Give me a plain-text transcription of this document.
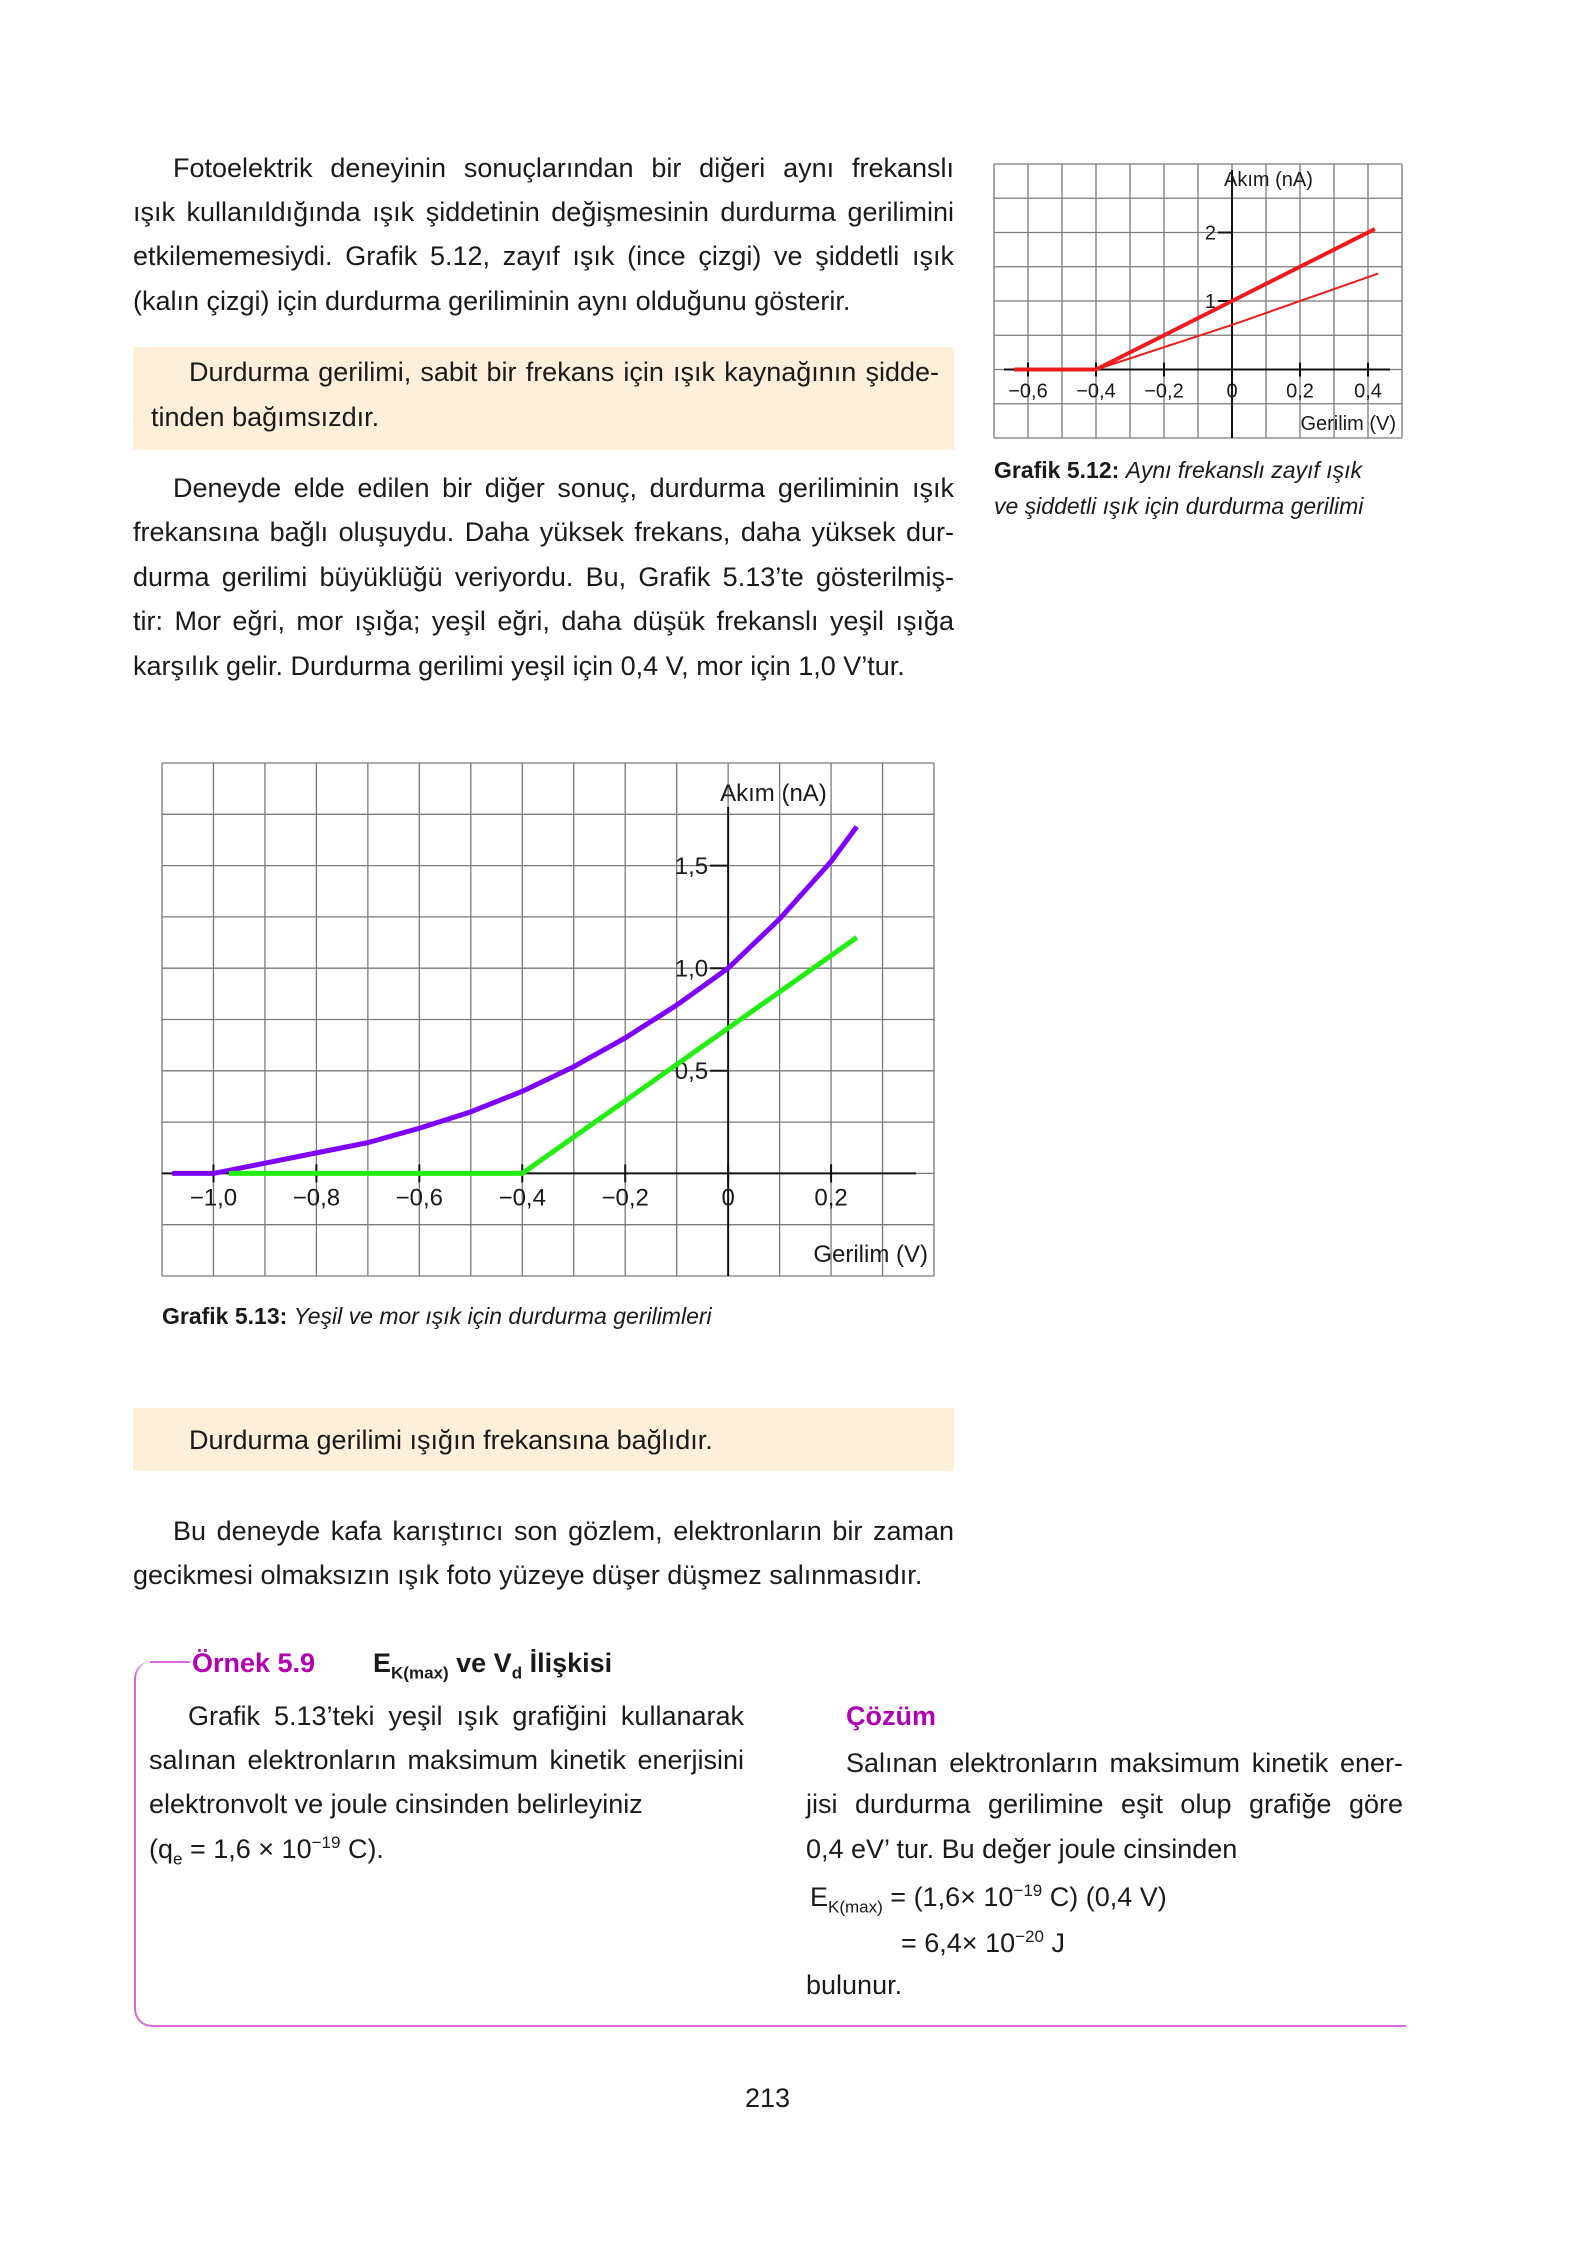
Fotoelektrik deneyinin sonuçlarından bir diğeri aynı frekanslı
ışık kullanıldığında ışık şiddetinin değişmesinin durdurma gerilimini
etkilememesiydi. Grafik 5.12, zayıf ışık (ince çizgi) ve şiddetli ışık
(kalın çizgi) için durdurma geriliminin aynı olduğunu gösterir.
Durdurma gerilimi, sabit bir frekans için ışık kaynağının şidde-
tinden bağımsızdır.
Deneyde elde edilen bir diğer sonuç, durdurma geriliminin ışık
frekansına bağlı oluşuydu. Daha yüksek frekans, daha yüksek dur-
durma gerilimi büyüklüğü veriyordu. Bu, Grafik 5.13’te gösterilmiş-
tir: Mor eğri, mor ışığa; yeşil eğri, daha düşük frekanslı yeşil ışığa
karşılık gelir. Durdurma gerilimi yeşil için 0,4 V, mor için 1,0 V’tur.
−0,6 −0,4 −0,2 0 0,2 0,4
1
2
Akım (nA)
Gerilim (V)
Grafik 5.12: Aynı frekanslı zayıf ışık
ve şiddetli ışık için durdurma gerilimi
−1,0 −0,8 −0,6 −0,4 −0,2	0	0,2
0,5
1,0
1,5
Akım (nA)
Gerilim (V)
Grafik 5.13: Yeşil ve mor ışık için durdurma gerilimleri
Durdurma gerilimi ışığın frekansına bağlıdır.
Bu deneyde kafa karıştırıcı son gözlem, elektronların bir zaman
gecikmesi olmaksızın ışık foto yüzeye düşer düşmez salınmasıdır.
Örnek 5.9 $E_{K(max)}$ ve $V_d$ İlişkisi
Grafik 5.13’teki yeşil ışık grafiğini kullanarak
salınan elektronların maksimum kinetik enerjisini
elektronvolt ve joule cinsinden belirleyiniz
($q_e = 1,6 \times 10^{-19}$ C).
Çözüm
Salınan elektronların maksimum kinetik ener-
jisi durdurma gerilimine eşit olup grafiğe göre
0,4 eV’ tur. Bu değer joule cinsinden
$E_{K(max)} = (1,6\times 10^{-19}$ C) (0,4 V)
= $6,4\times 10^{-20}$ J
bulunur.
213
